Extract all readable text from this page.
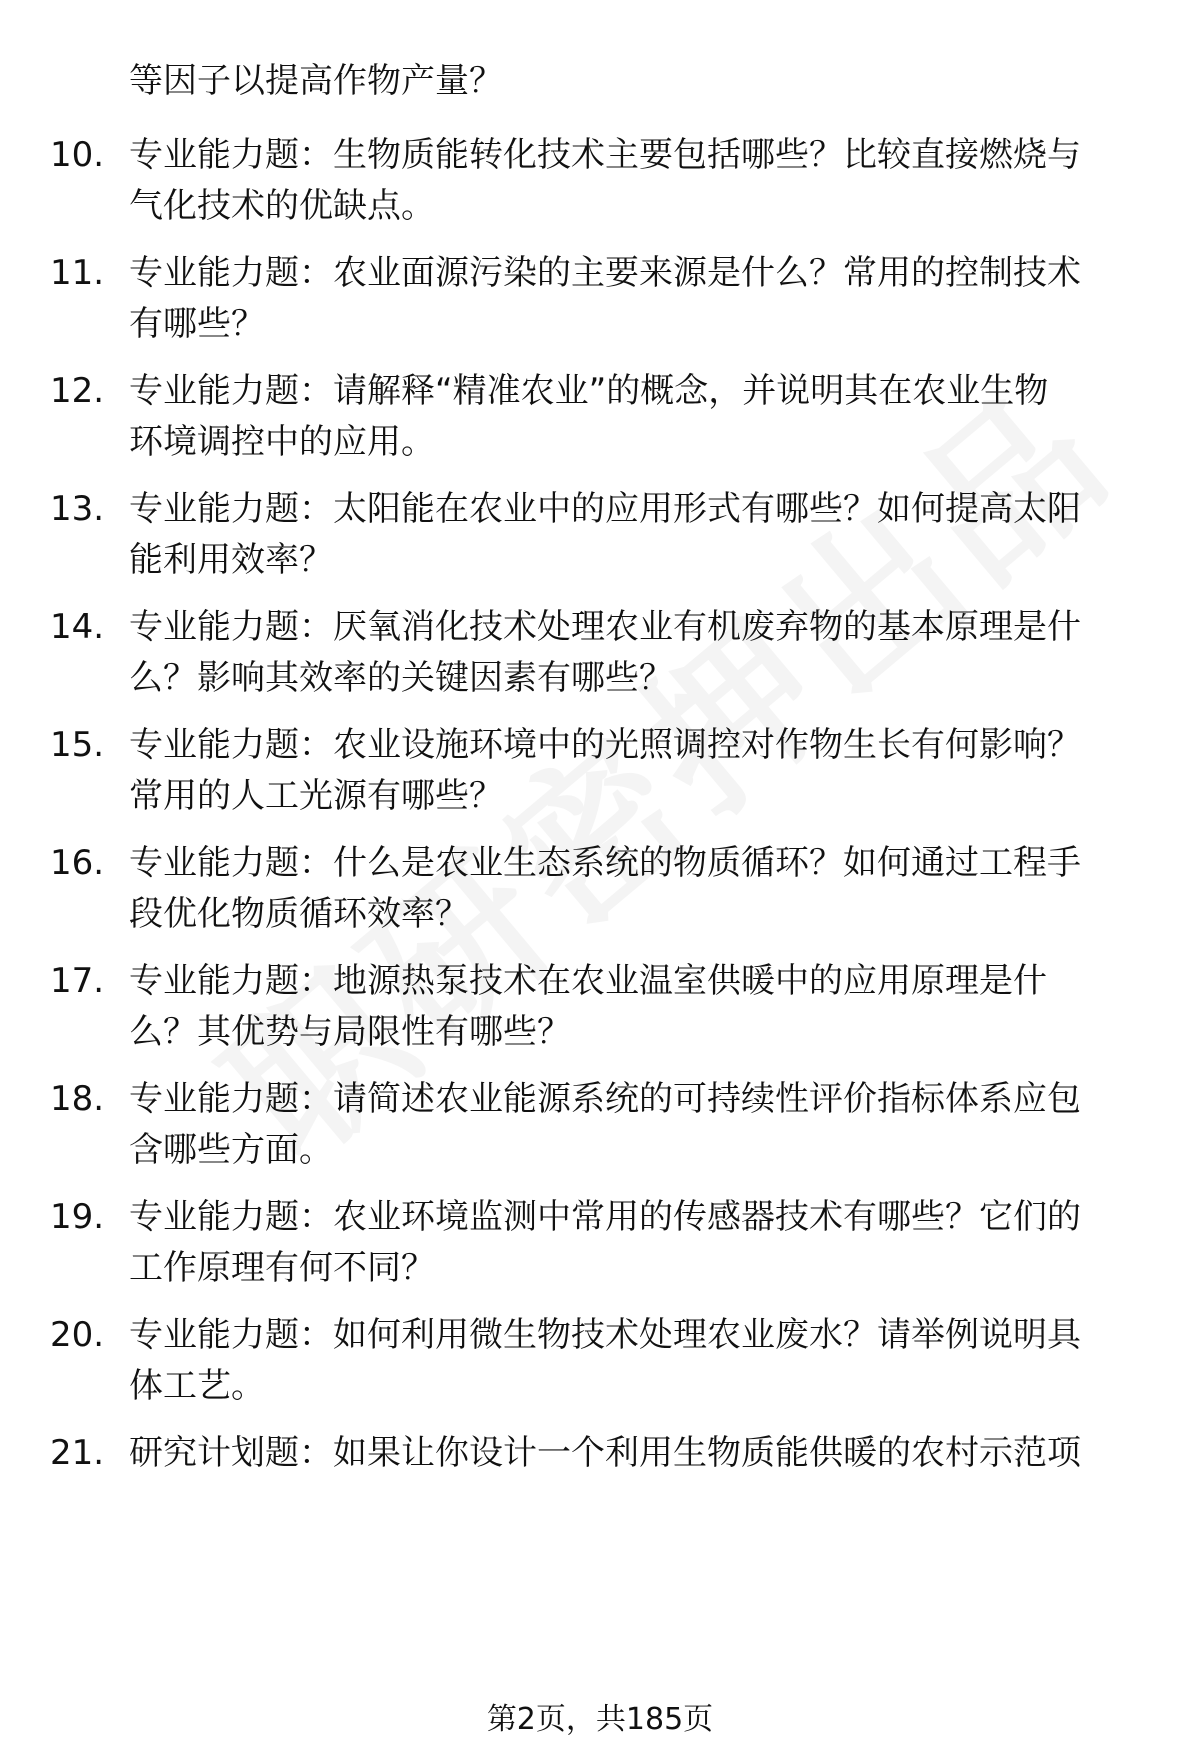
等因子以提高作物产量？
10. 专业能力题：生物质能转化技术主要包括哪些？比较直接燃烧与
气化技术的优缺点。
11. 专业能力题：农业面源污染的主要来源是什么？常用的控制技术
有哪些？
12. 专业能力题：请解释“精准农业”的概念，并说明其在农业生物
环境调控中的应用。
13. 专业能力题：太阳能在农业中的应用形式有哪些？如何提高太阳
能利用效率？
14. 专业能力题：厌氧消化技术处理农业有机废弃物的基本原理是什
么？影响其效率的关键因素有哪些？
15. 专业能力题：农业设施环境中的光照调控对作物生长有何影响？
常用的人工光源有哪些？
16. 专业能力题：什么是农业生态系统的物质循环？如何通过工程手
段优化物质循环效率？
17. 专业能力题：地源热泵技术在农业温室供暖中的应用原理是什
么？其优势与局限性有哪些？
18. 专业能力题：请简述农业能源系统的可持续性评价指标体系应包
含哪些方面。
19. 专业能力题：农业环境监测中常用的传感器技术有哪些？它们的
工作原理有何不同？
20. 专业能力题：如何利用微生物技术处理农业废水？请举例说明具
体工艺。
21. 研究计划题：如果让你设计一个利用生物质能供暖的农村示范项
第2页，共185页
